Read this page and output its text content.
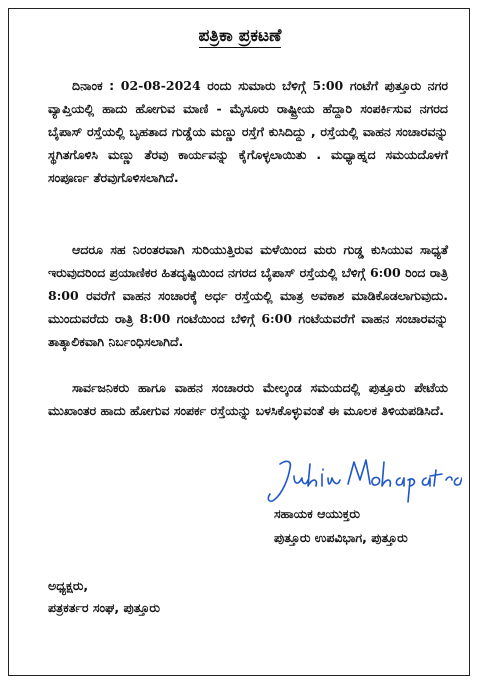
ಪತ್ರಿಕಾ ಪ್ರಕಟಣೆ

ದಿನಾಂಕ : 02-08-2024 ರಂದು ಸುಮಾರು ಬೆಳಿಗ್ಗೆ 5:00 ಗಂಟೆಗೆ ಪುತ್ತೂರು ನಗರ ವ್ಯಾಪ್ತಿಯಲ್ಲಿ ಹಾದು ಹೋಗುವ ಮಾಣಿ - ಮೈಸೂರು ರಾಷ್ಟ್ರೀಯ ಹೆದ್ದಾರಿ ಸಂಪರ್ಕಿಸುವ ನಗರದ ಬೈಪಾಸ್ ರಸ್ತೆಯಲ್ಲಿ ಬೃಹತಾದ ಗುಡ್ಡೆಯ ಮಣ್ಣು ರಸ್ತೆಗೆ ಕುಸಿದಿದ್ದು , ರಸ್ತೆಯಲ್ಲಿ ವಾಹನ ಸಂಚಾರವನ್ನು ಸ್ಥಗಿತಗೊಳಿಸಿ ಮಣ್ಣು ತೆರವು ಕಾರ್ಯವನ್ನು ಕೈಗೊಳ್ಳಲಾಯಿತು . ಮಧ್ಯಾಹ್ನದ ಸಮಯದೊಳಗೆ ಸಂಪೂರ್ಣ ತೆರವುಗೊಳಿಸಲಾಗಿದೆ.

ಆದರೂ ಸಹ ನಿರಂತರವಾಗಿ ಸುರಿಯುತ್ತಿರುವ ಮಳೆಯಿಂದ ಮರು ಗುಡ್ಡ ಕುಸಿಯುವ ಸಾಧ್ಯತೆ ಇರುವುದರಿಂದ ಪ್ರಯಾಣಿಕರ ಹಿತದೃಷ್ಟಿಯಿಂದ ನಗರದ ಬೈಪಾಸ್ ರಸ್ತೆಯಲ್ಲಿ ಬೆಳಿಗ್ಗೆ 6:00 ರಿಂದ ರಾತ್ರಿ 8:00 ರವರೆಗೆ ವಾಹನ ಸಂಚಾರಕ್ಕೆ ಅರ್ಧ ರಸ್ತೆಯಲ್ಲಿ ಮಾತ್ರ ಅವಕಾಶ ಮಾಡಿಕೊಡಲಾಗುವುದು. ಮುಂದುವರೆದು ರಾತ್ರಿ 8:00 ಗಂಟೆಯಿಂದ ಬೆಳಿಗ್ಗೆ 6:00 ಗಂಟೆಯವರೆಗೆ ವಾಹನ ಸಂಚಾರವನ್ನು ತಾತ್ಕಾಲಿಕವಾಗಿ ನಿರ್ಬಂಧಿಸಲಾಗಿದೆ.

ಸಾರ್ವಜನಿಕರು ಹಾಗೂ ವಾಹನ ಸಂಚಾರರು ಮೇಲ್ಕಂಡ ಸಮಯದಲ್ಲಿ ಪುತ್ತೂರು ಪೇಟೆಯ ಮುಖಾಂತರ ಹಾದು ಹೋಗುವ ಸಂಪರ್ಕ ರಸ್ತೆಯನ್ನು ಬಳಸಿಕೊಳ್ಳುವಂತೆ ಈ ಮೂಲಕ ತಿಳಿಯಪಡಿಸಿದೆ.

ಸಹಾಯಕ ಆಯುಕ್ತರು
ಪುತ್ತೂರು ಉಪವಿಭಾಗ, ಪುತ್ತೂರು
ಅಧ್ಯಕ್ಷರು,
ಪತ್ರಕರ್ತರ ಸಂಘ, ಪುತ್ತೂರು
